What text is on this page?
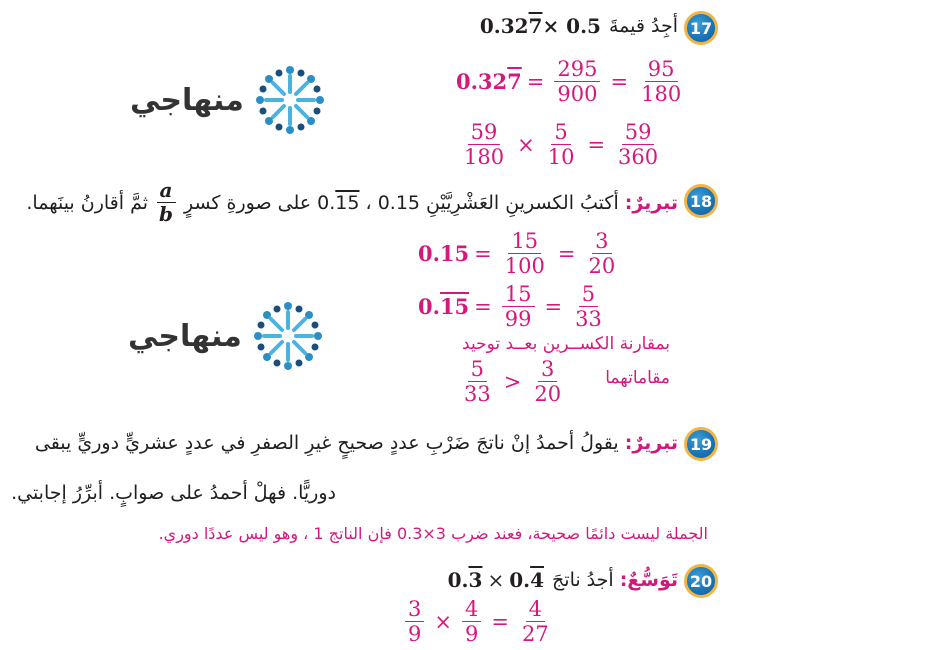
منهاجي
منهاجي
17
أجِدُ قيمةَ
0.32 7 × 0.5
0.32 $7 = \frac{295}{900} = \frac{95}{180}$
$\frac{59}{180} \times \frac{5}{10} = \frac{59}{360}$
18
تبريرٌ:
أكتبُ الكسرينِ العَشْرِيَّيْنِ 0.15 ، 0.15 على صورةِ كسرٍ
$\frac{a}{b}$
ثمَّ أقارنُ بينَهما.
$0.15 = \frac{15}{100} = \frac{3}{20}$
0. $15 = \frac{15}{99} = \frac{5}{33}$
بمقارنة الكســرين بعــد توحيد
مقاماتهما
$\frac{5}{33} > \frac{3}{20}$
19
تبريرٌ: يقولُ أحمدُ إنْ ناتجَ ضَرْبِ عددٍ صحيحٍ غيرِ الصفرِ في عددٍ عشريٍّ دوريٍّ يبقى
دوريًّا. فهلْ أحمدُ على صوابٍ. أبرِّرُ إجابتي.
الجملة ليست دائمًا صحيحة، فعند ضرب 3×0.3 فإن الناتج 1 ، وهو ليس عددًا دوري.
20
تَوَسُّعٌ:
أجدُ ناتجَ
0. 3 × 0. 4
$\frac{3}{9} \times \frac{4}{9} = \frac{4}{27}$
